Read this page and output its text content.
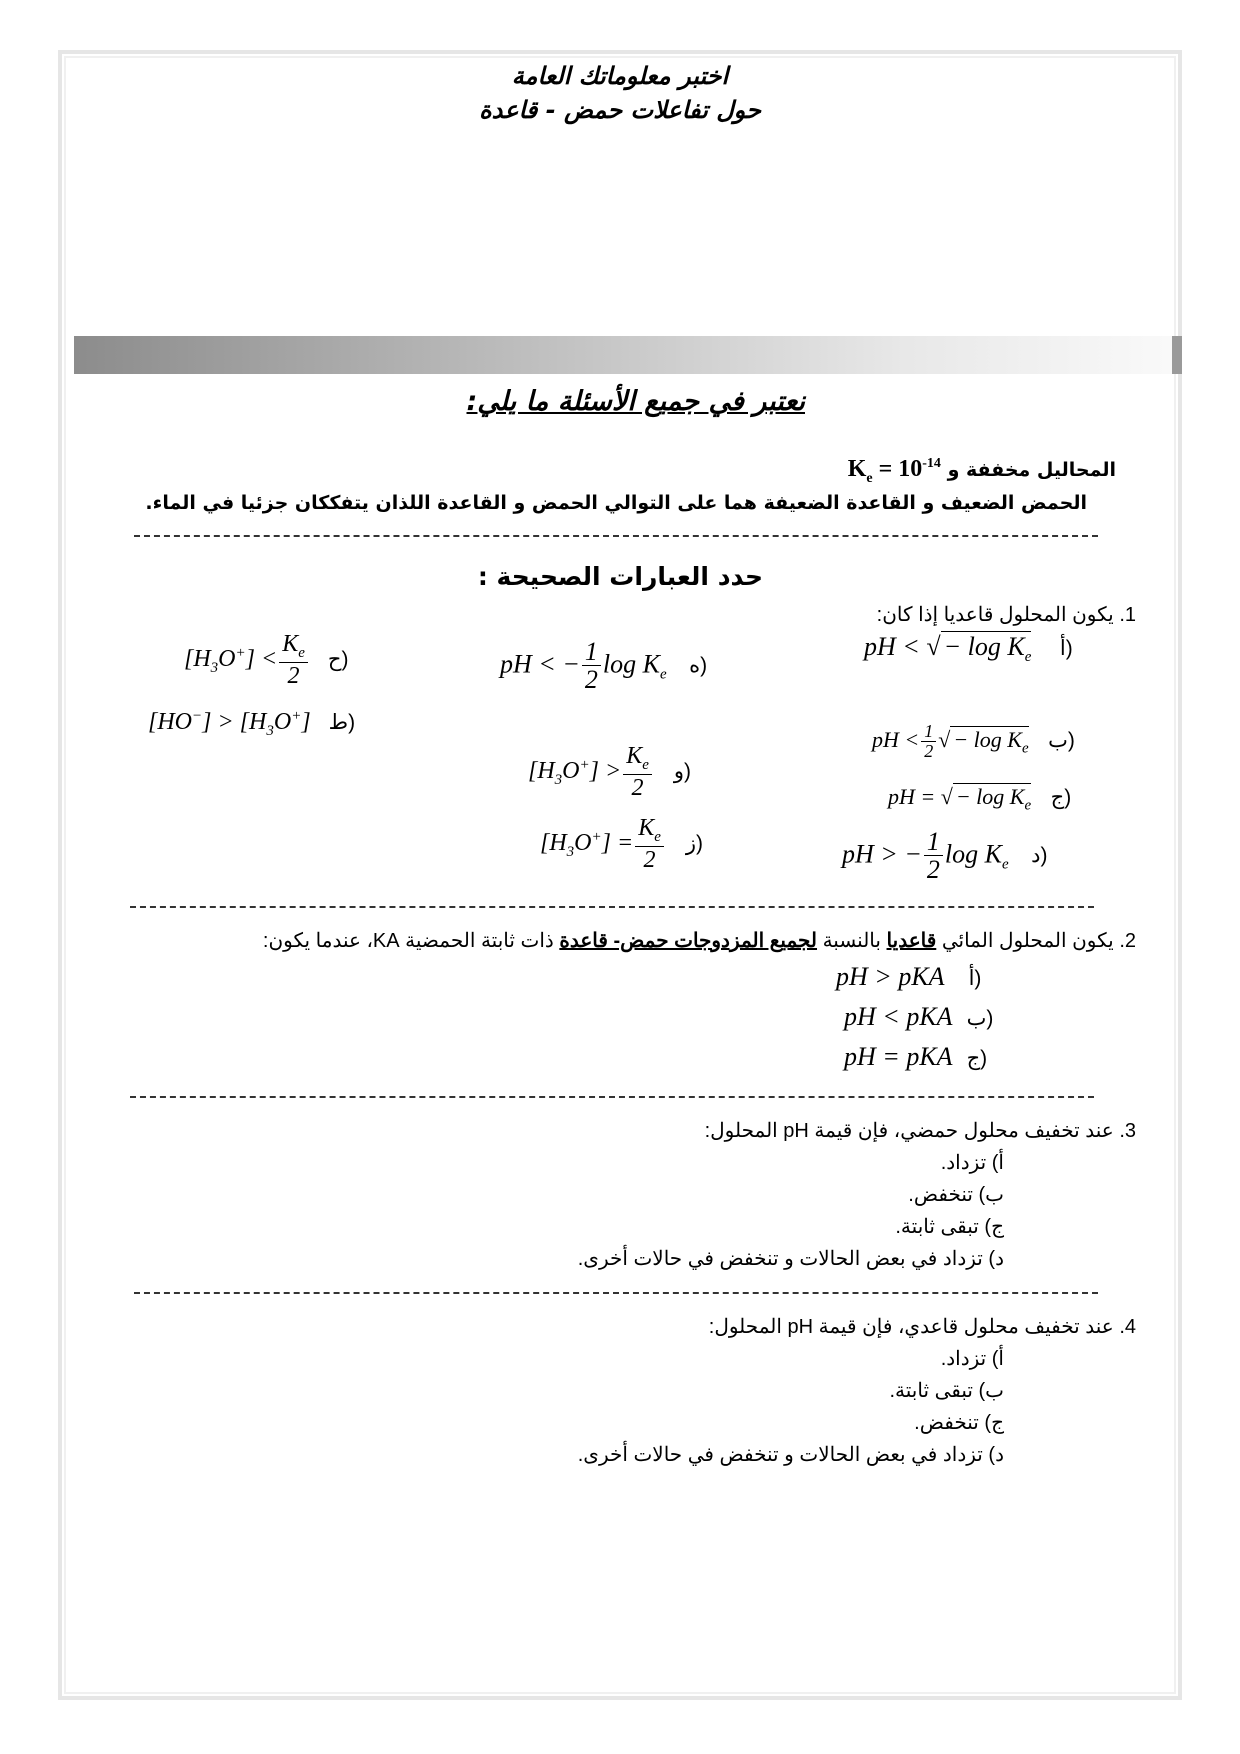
اختبر معلوماتك العامة
حول تفاعلات حمض - قاعدة
نعتبر في جميع الأسئلة ما يلي:
المحاليل مخففة و $K_e = 10^{-14}$
الحمض الضعيف و القاعدة الضعيفة هما على التوالي الحمض و القاعدة اللذان يتفككان جزئيا في الماء.
حدد العبارات الصحيحة :
1. يكون المحلول قاعديا إذا كان:
pH < √ − $\log K_e$ أ)
pH < $\frac{1}{2}$ √ − $\log K_e$ ب)
pH = √ − $\log K_e$ ج)
pH > − $\frac{1}{2}$ $\log K_e$ د)
pH < − $\frac{1}{2}$ $\log K_e$ ه)
$[H_3O^+] > \frac{K_e}{2}$ و)
$[H_3O^+] = \frac{K_e}{2}$ ز)
$[H_3O^+] < \frac{K_e}{2}$ ح)
$[HO^-] > [H_3O^+]$ ط)
2. يكون المحلول المائي قاعديا بالنسبة لجميع المزدوجات حمض- قاعدة ذات ثابتة الحمضية KA، عندما يكون:
pH > pKA أ)
pH < pKA ب)
pH = pKA ج)
3. عند تخفيف محلول حمضي، فإن قيمة pH المحلول:
أ) تزداد.
ب) تنخفض.
ج) تبقى ثابتة.
د) تزداد في بعض الحالات و تنخفض في حالات أخرى.
4. عند تخفيف محلول قاعدي، فإن قيمة pH المحلول:
أ) تزداد.
ب) تبقى ثابتة.
ج) تنخفض.
د) تزداد في بعض الحالات و تنخفض في حالات أخرى.
